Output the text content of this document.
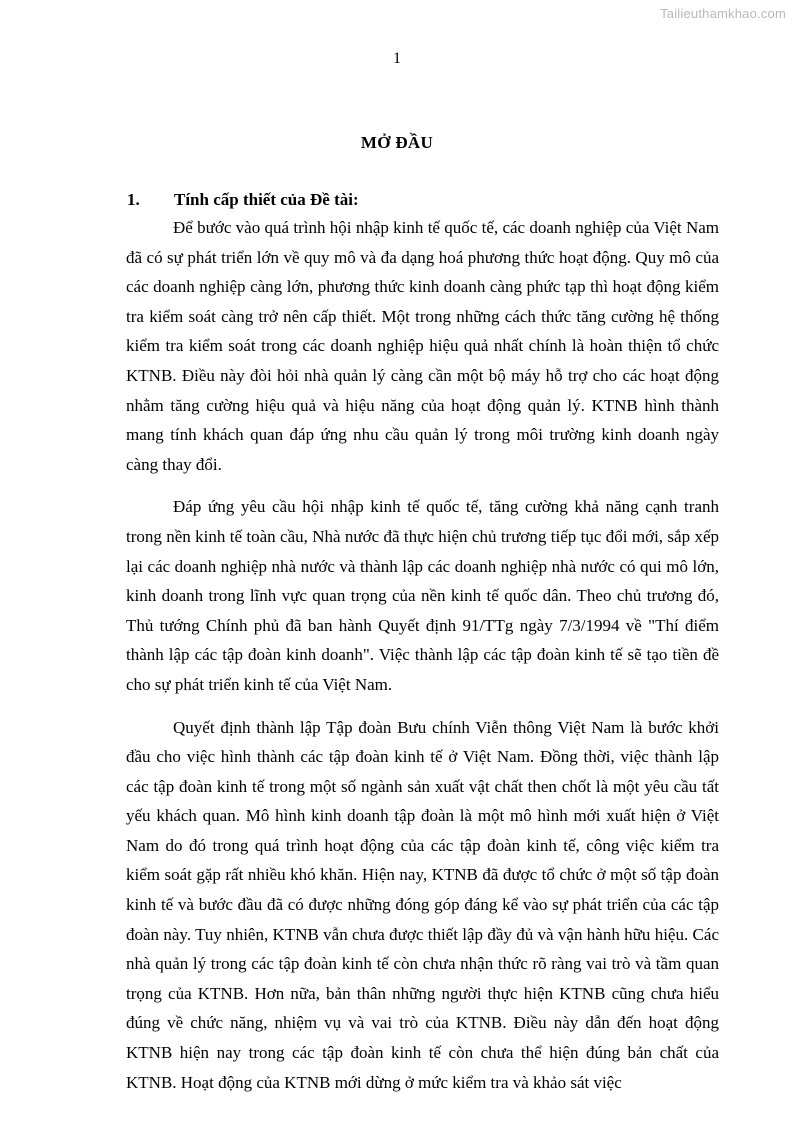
Tailieuthamkhao.com
1
MỞ ĐẦU
1. Tính cấp thiết của Đề tài:

Để bước vào quá trình hội nhập kinh tế quốc tế, các doanh nghiệp của Việt Nam đã có sự phát triển lớn về quy mô và đa dạng hoá phương thức hoạt động. Quy mô của các doanh nghiệp càng lớn, phương thức kinh doanh càng phức tạp thì hoạt động kiểm tra kiểm soát càng trở nên cấp thiết. Một trong những cách thức tăng cường hệ thống kiểm tra kiểm soát trong các doanh nghiệp hiệu quả nhất chính là hoàn thiện tổ chức KTNB. Điều này đòi hỏi nhà quản lý càng cần một bộ máy hỗ trợ cho các hoạt động nhằm tăng cường hiệu quả và hiệu năng của hoạt động quản lý. KTNB hình thành mang tính khách quan đáp ứng nhu cầu quản lý trong môi trường kinh doanh ngày càng thay đổi.

Đáp ứng yêu cầu hội nhập kinh tế quốc tế, tăng cường khả năng cạnh tranh trong nền kinh tế toàn cầu, Nhà nước đã thực hiện chủ trương tiếp tục đổi mới, sắp xếp lại các doanh nghiệp nhà nước và thành lập các doanh nghiệp nhà nước có qui mô lớn, kinh doanh trong lĩnh vực quan trọng của nền kinh tế quốc dân. Theo chủ trương đó, Thủ tướng Chính phủ đã ban hành Quyết định 91/TTg ngày 7/3/1994 về "Thí điểm thành lập các tập đoàn kinh doanh". Việc thành lập các tập đoàn kinh tế sẽ tạo tiền đề cho sự phát triển kinh tế của Việt Nam.

Quyết định thành lập Tập đoàn Bưu chính Viễn thông Việt Nam là bước khởi đầu cho việc hình thành các tập đoàn kinh tế ở Việt Nam. Đồng thời, việc thành lập các tập đoàn kinh tế trong một số ngành sản xuất vật chất then chốt là một yêu cầu tất yếu khách quan. Mô hình kinh doanh tập đoàn là một mô hình mới xuất hiện ở Việt Nam do đó trong quá trình hoạt động của các tập đoàn kinh tế, công việc kiểm tra kiểm soát gặp rất nhiều khó khăn. Hiện nay, KTNB đã được tổ chức ở một số tập đoàn kinh tế và bước đầu đã có được những đóng góp đáng kể vào sự phát triển của các tập đoàn này. Tuy nhiên, KTNB vẫn chưa được thiết lập đầy đủ và vận hành hữu hiệu. Các nhà quản lý trong các tập đoàn kinh tế còn chưa nhận thức rõ ràng vai trò và tầm quan trọng của KTNB. Hơn nữa, bản thân những người thực hiện KTNB cũng chưa hiểu đúng về chức năng, nhiệm vụ và vai trò của KTNB. Điều này dẫn đến hoạt động KTNB hiện nay trong các tập đoàn kinh tế còn chưa thể hiện đúng bản chất của KTNB. Hoạt động của KTNB mới dừng ở mức kiểm tra và khảo sát việc
